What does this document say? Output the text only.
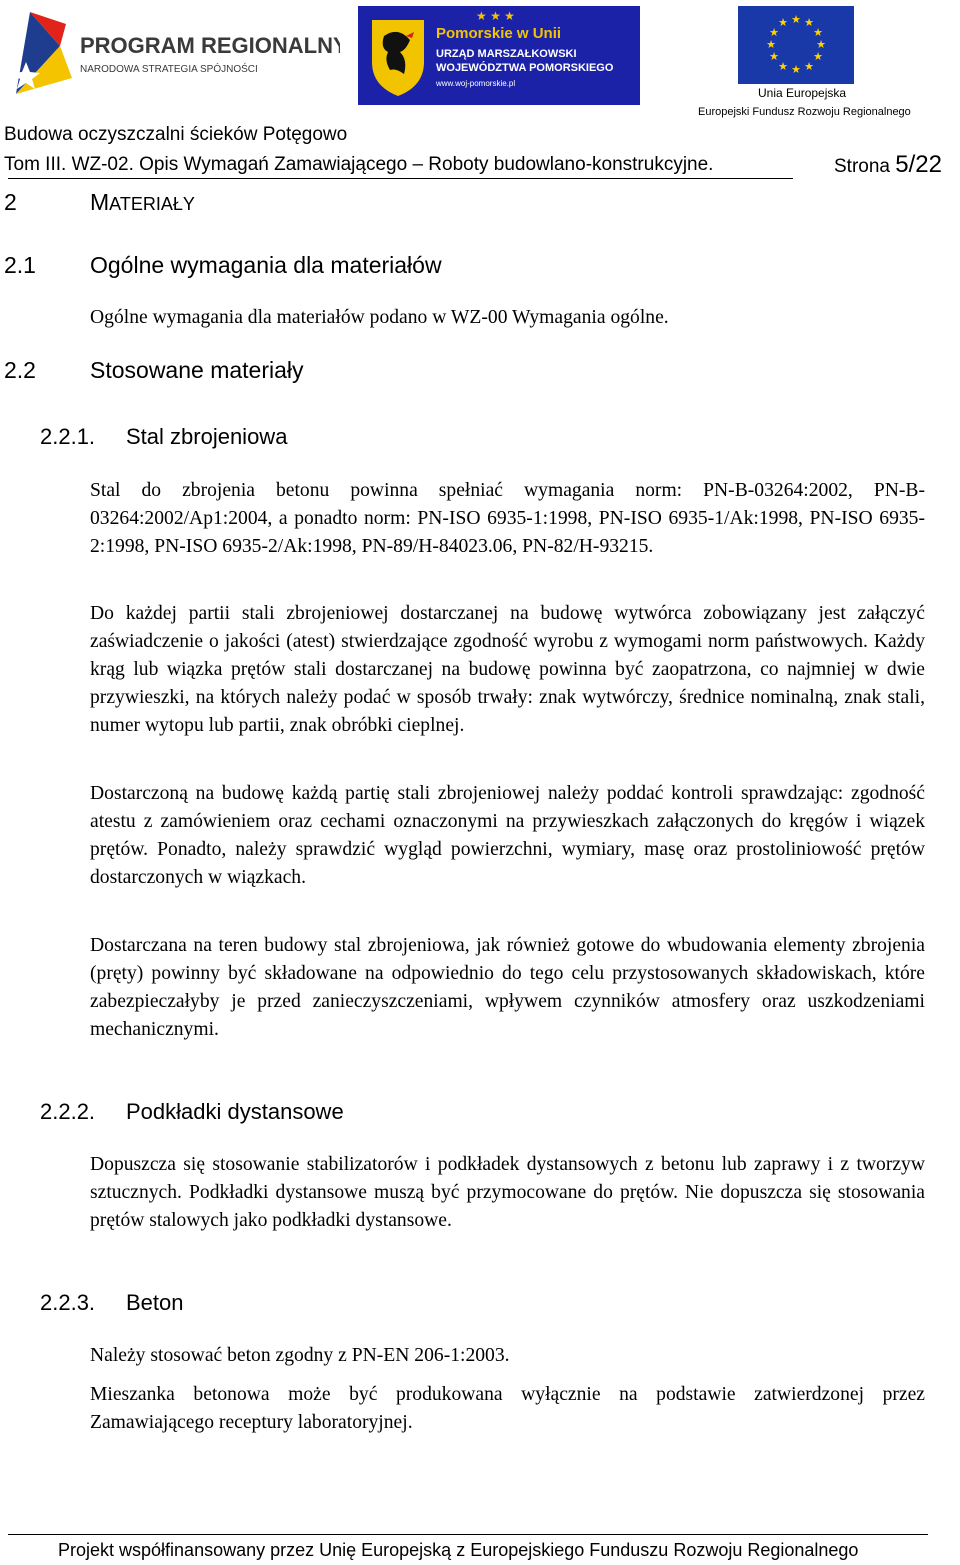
PROGRAM REGIONALNY
NARODOWA STRATEGIA SPÓJNOŚCI
★ ★ ★
Pomorskie w Unii
URZĄD MARSZAŁKOWSKI
WOJEWÓDZTWA POMORSKIEGO
www.woj-pomorskie.pl
★ ★
★
★
★
★
★
★
★
★
★
★
Unia Europejska
Europejski Fundusz Rozwoju Regionalnego
Budowa oczyszczalni ścieków Potęgowo
Tom III. WZ-02. Opis Wymagań Zamawiającego – Roboty budowlano-konstrukcyjne.	Strona 5/22
2	MATERIAŁY
2.1 Ogólne wymagania dla materiałów
Ogólne wymagania dla materiałów podano w WZ-00 Wymagania ogólne.
2.2 Stosowane materiały
2.2.1. Stal zbrojeniowa
Stal do zbrojenia betonu powinna spełniać wymagania norm: PN-B-03264:2002, PN-B-03264:2002/Ap1:2004, a ponadto norm: PN-ISO 6935-1:1998, PN-ISO 6935-1/Ak:1998, PN-ISO 6935-2:1998, PN-ISO 6935-2/Ak:1998, PN-89/H-84023.06, PN-82/H-93215.
Do każdej partii stali zbrojeniowej dostarczanej na budowę wytwórca zobowiązany jest załączyć zaświadczenie o jakości (atest) stwierdzające zgodność wyrobu z wymogami norm państwowych. Każdy krąg lub wiązka prętów stali dostarczanej na budowę powinna być zaopatrzona, co najmniej w dwie przywieszki, na których należy podać w sposób trwały: znak wytwórczy, średnice nominalną, znak stali, numer wytopu lub partii, znak obróbki cieplnej.
Dostarczoną na budowę każdą partię stali zbrojeniowej należy poddać kontroli sprawdzając: zgodność atestu z zamówieniem oraz cechami oznaczonymi na przywieszkach załączonych do kręgów i wiązek prętów. Ponadto, należy sprawdzić wygląd powierzchni, wymiary, masę oraz prostoliniowość prętów dostarczonych w wiązkach.
Dostarczana na teren budowy stal zbrojeniowa, jak również gotowe do wbudowania elementy zbrojenia (pręty) powinny być składowane na odpowiednio do tego celu przystosowanych składowiskach, które zabezpieczałyby je przed zanieczyszczeniami, wpływem czynników atmosfery oraz uszkodzeniami mechanicznymi.
2.2.2. Podkładki dystansowe
Dopuszcza się stosowanie stabilizatorów i podkładek dystansowych z betonu lub zaprawy i z tworzyw sztucznych. Podkładki dystansowe muszą być przymocowane do prętów. Nie dopuszcza się stosowania prętów stalowych jako podkładki dystansowe.
2.2.3. Beton
Należy stosować beton zgodny z PN-EN 206-1:2003.
Mieszanka betonowa może być produkowana wyłącznie na podstawie zatwierdzonej przez Zamawiającego receptury laboratoryjnej.
Projekt współfinansowany przez Unię Europejską z Europejskiego Funduszu Rozwoju Regionalnego
